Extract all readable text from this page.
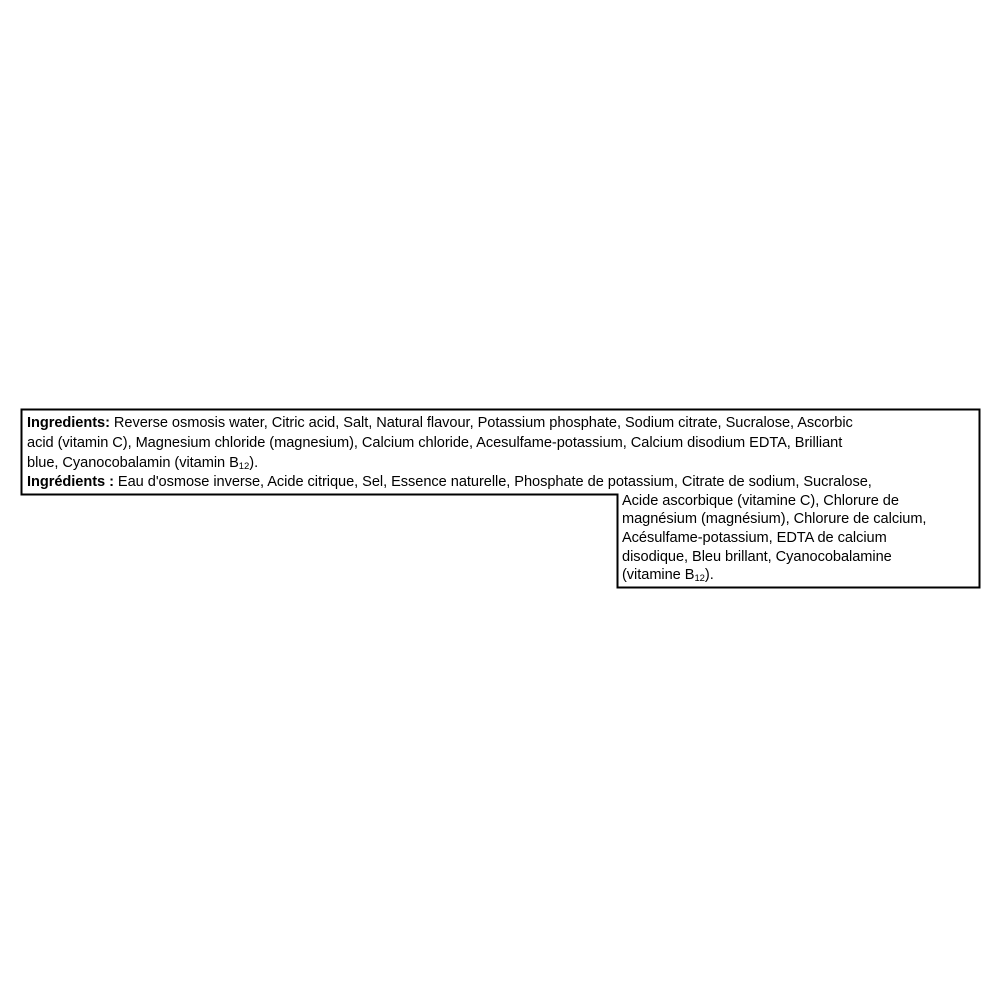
Ingredients: Reverse osmosis water, Citric acid, Salt, Natural flavour, Potassium phosphate, Sodium citrate, Sucralose, Ascorbic
acid (vitamin C), Magnesium chloride (magnesium), Calcium chloride, Acesulfame-potassium, Calcium disodium EDTA, Brilliant
blue, Cyanocobalamin (vitamin $B_{12}$).
Ingrédients : Eau d'osmose inverse, Acide citrique, Sel, Essence naturelle, Phosphate de potassium, Citrate de sodium, Sucralose,
Acide ascorbique (vitamine C), Chlorure de
magnésium (magnésium), Chlorure de calcium,
Acésulfame-potassium, EDTA de calcium
disodique, Bleu brillant, Cyanocobalamine
(vitamine $B_{12}$).
